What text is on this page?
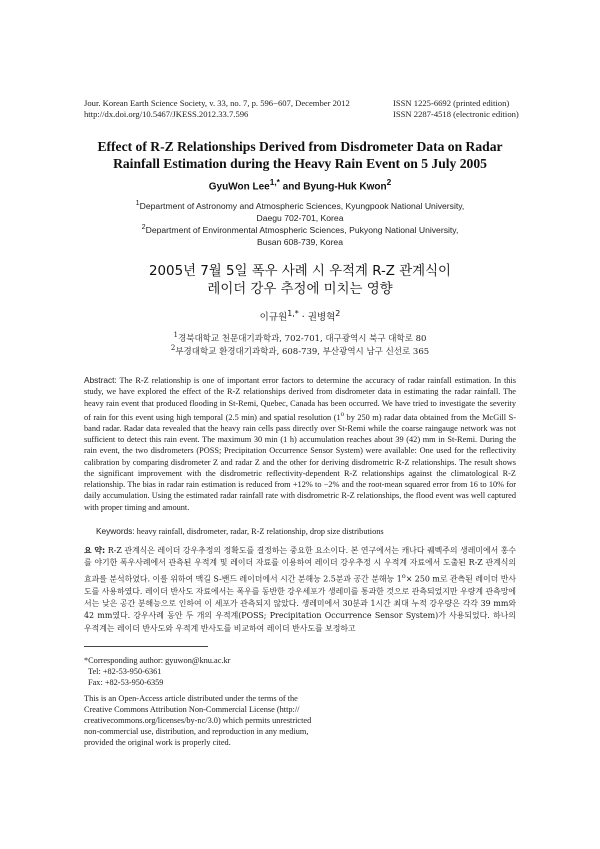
Jour. Korean Earth Science Society, v. 33, no. 7, p. 596−607, December 2012
http://dx.doi.org/10.5467/JKESS.2012.33.7.596
ISSN 1225-6692 (printed edition)
ISSN 2287-4518 (electronic edition)
Effect of R-Z Relationships Derived from Disdrometer Data on Radar
Rainfall Estimation during the Heavy Rain Event on 5 July 2005
GyuWon Lee$^{1,*}$ and Byung-Huk Kwon$^2$
$^1$Department of Astronomy and Atmospheric Sciences, Kyungpook National University,
Daegu 702-701, Korea
$^2$Department of Environmental Atmospheric Sciences, Pukyong National University,
Busan 608-739, Korea
2005년 7월 5일 폭우 사례 시 우적계 R-Z 관계식이
레이더 강우 추정에 미치는 영향
이규원$^{1,*}$ · 권병혁$^2$
$^1$경북대학교 천문대기과학과, 702-701, 대구광역시 북구 대학로 80
$^2$부경대학교 환경대기과학과, 608-739, 부산광역시 남구 신선로 365
Abstract: The R-Z relationship is one of important error factors to determine the accuracy of radar rainfall estimation. In this study, we have explored the effect of the R-Z relationships derived from disdrometer data in estimating the radar rainfall. The heavy rain event that produced flooding in St-Remi, Quebec, Canada has been occurred. We have tried to investigate the severity of rain for this event using high temporal (2.5 min) and spatial resolution (1$^o$ by 250 m) radar data obtained from the McGill S-band radar. Radar data revealed that the heavy rain cells pass directly over St-Remi while the coarse raingauge network was not sufficient to detect this rain event. The maximum 30 min (1 h) accumulation reaches about 39 (42) mm in St-Remi. During the rain event, the two disdrometers (POSS; Precipitation Occurrence Sensor System) were available: One used for the reflectivity calibration by comparing disdrometer Z and radar Z and the other for deriving disdrometric R-Z relationships. The result shows the significant improvement with the disdrometric reflectivity-dependent R-Z relationships against the climatological R-Z relationship. The bias in radar rain estimation is reduced from +12% to −2% and the root-mean squared error from 16 to 10% for daily accumulation. Using the estimated radar rainfall rate with disdrometric R-Z relationships, the flood event was well captured with proper timing and amount.
Keywords: heavy rainfall, disdrometer, radar, R-Z relationship, drop size distributions
요 약: R-Z 관계식은 레이더 강우추정의 정확도를 결정하는 중요한 요소이다. 본 연구에서는 캐나다 퀘벡주의 생레미에서 홍수를 야기한 폭우사례에서 관측된 우적계 및 레이더 자료를 이용하여 레이더 강우추정 시 우적계 자료에서 도출된 R-Z 관계식의 효과를 분석하였다. 이를 위하여 맥길 S-밴드 레이더에서 시간 분해능 2.5분과 공간 분해능 $1^o\times 250$ m로 관측된 레이더 반사도를 사용하였다. 레이더 반사도 자료에서는 폭우를 동반한 강우세포가 생레미를 통과한 것으로 관측되었지만 우량계 관측망에서는 낮은 공간 분해능으로 인하여 이 세포가 관측되지 않았다. 생레미에서 30분과 1시간 최대 누적 강우량은 각각 39 mm와 42 mm였다. 강우사례 동안 두 개의 우적계(POSS; Precipitation Occurrence Sensor System)가 사용되었다. 하나의 우적계는 레이더 반사도와 우적계 반사도를 비교하여 레이더 반사도를 보정하고
*Corresponding author: gyuwon@knu.ac.kr
Tel: +82-53-950-6361
Fax: +82-53-950-6359
This is an Open-Access article distributed under the terms of the
Creative Commons Attribution Non-Commercial License (http://
creativecommons.org/licenses/by-nc/3.0) which permits unrestricted
non-commercial use, distribution, and reproduction in any medium,
provided the original work is properly cited.
